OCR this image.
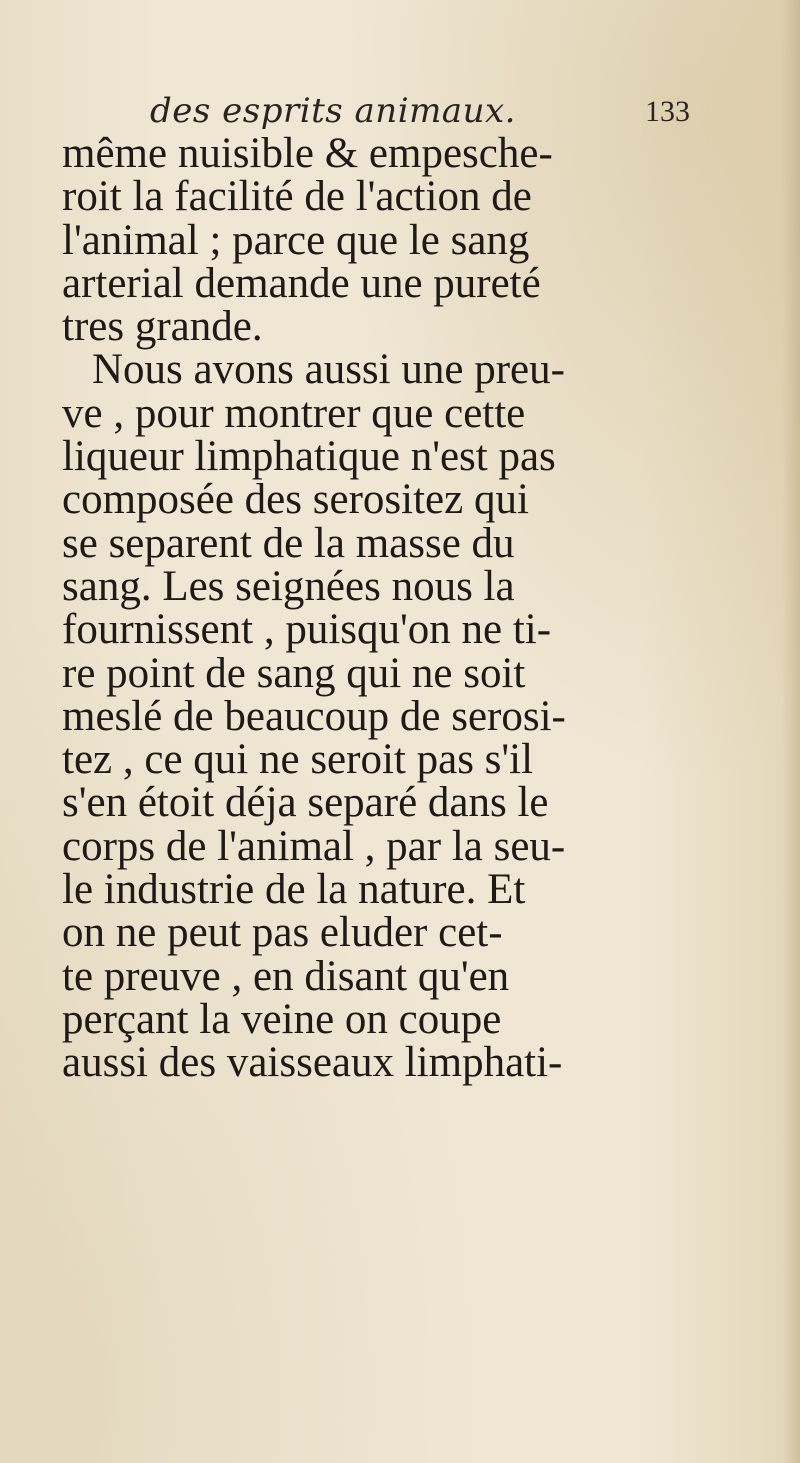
des esprits animaux.	133
même nuisible & empesche-
roit la facilité de l'action de
l'animal ; parce que le sang
arterial demande une pureté
tres grande.
Nous avons aussi une preu-
ve , pour montrer que cette
liqueur limphatique n'est pas
composée des serositez qui
se separent de la masse du
sang. Les seignées nous la
fournissent , puisqu'on ne ti-
re point de sang qui ne soit
meslé de beaucoup de serosi-
tez , ce qui ne seroit pas s'il
s'en étoit déja separé dans le
corps de l'animal , par la seu-
le industrie de la nature. Et
on ne peut pas eluder cet-
te preuve , en disant qu'en
perçant la veine on coupe
aussi des vaisseaux limphati-
